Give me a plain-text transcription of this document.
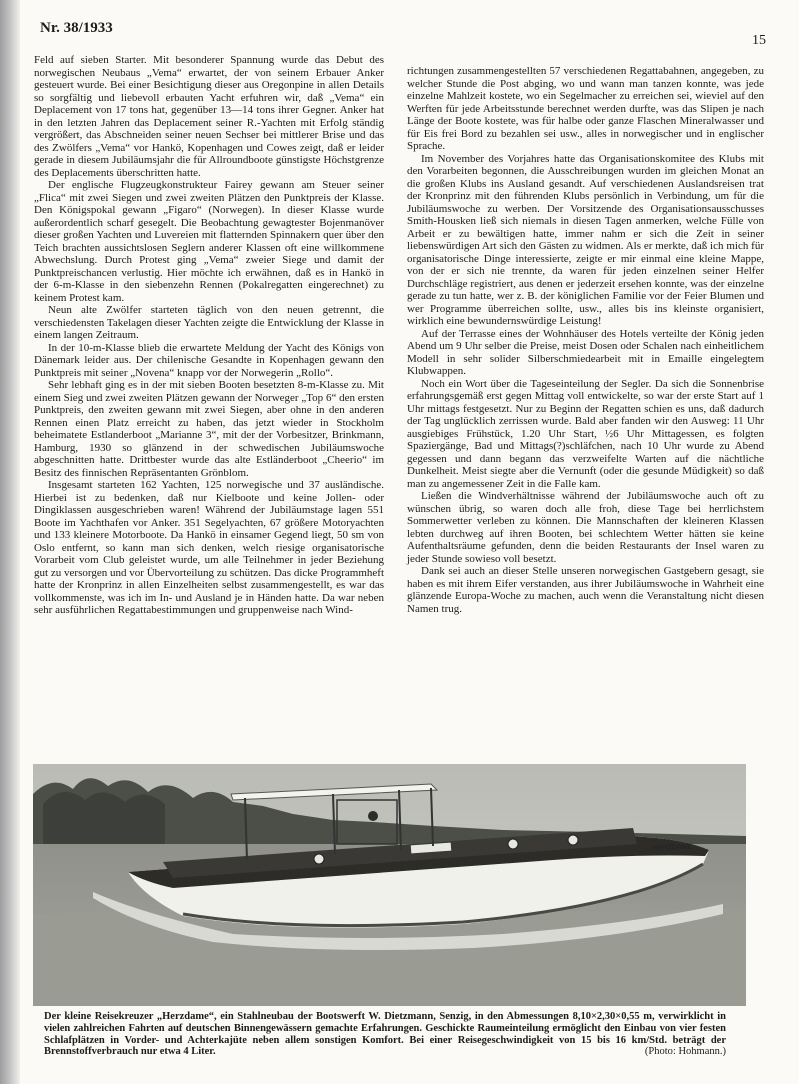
Nr. 38/1933
15

Feld auf sieben Starter. Mit besonderer Spannung wurde das Debut des norwegischen Neubaus „Vema“ erwartet, der von seinem Erbauer Anker gesteuert wurde. Bei einer Besichtigung dieser aus Oregonpine in allen Details so sorgfältig und liebevoll erbauten Yacht erfuhren wir, daß „Vema“ ein Deplacement von 17 tons hat, gegenüber 13—14 tons ihrer Gegner. Anker hat in den letzten Jahren das Deplacement seiner R.-Yachten mit Erfolg ständig vergrößert, das Abschneiden seiner neuen Sechser bei mittlerer Brise und das des Zwölfers „Vema“ vor Hankö, Kopenhagen und Cowes zeigt, daß er leider gerade in diesem Jubiläumsjahr die für Allroundboote günstigste Höchstgrenze des Deplacements überschritten hatte.

Der englische Flugzeugkonstrukteur Fairey gewann am Steuer seiner „Flica“ mit zwei Siegen und zwei zweiten Plätzen den Punktpreis der Klasse. Den Königspokal gewann „Figaro“ (Norwegen). In dieser Klasse wurde außerordentlich scharf gesegelt. Die Beobachtung gewagtester Bojenmanöver dieser großen Yachten und Luvereien mit flatternden Spinnakern quer über den Teich brachten aussichtslosen Seglern anderer Klassen oft eine willkommene Abwechslung. Durch Protest ging „Vema“ zweier Siege und damit der Punktpreischancen verlustig. Hier möchte ich erwähnen, daß es in Hankö in der 6-m-Klasse in den siebenzehn Rennen (Pokalregatten eingerechnet) zu keinem Protest kam.

Neun alte Zwölfer starteten täglich von den neuen getrennt, die verschiedensten Takelagen dieser Yachten zeigte die Entwicklung der Klasse in einem langen Zeitraum.

In der 10-m-Klasse blieb die erwartete Meldung der Yacht des Königs von Dänemark leider aus. Der chilenische Gesandte in Kopenhagen gewann den Punktpreis mit seiner „Novena“ knapp vor der Norwegerin „Rollo“.

Sehr lebhaft ging es in der mit sieben Booten besetzten 8-m-Klasse zu. Mit einem Sieg und zwei zweiten Plätzen gewann der Norweger „Top 6“ den ersten Punktpreis, den zweiten gewann mit zwei Siegen, aber ohne in den anderen Rennen einen Platz erreicht zu haben, das jetzt wieder in Stockholm beheimatete Estlanderboot „Marianne 3“, mit der der Vorbesitzer, Brinkmann, Hamburg, 1930 so glänzend in der schwedischen Jubiläumswoche abgeschnitten hatte. Drittbester wurde das alte Estländerboot „Cheerio“ im Besitz des finnischen Repräsentanten Grönblom.

Insgesamt starteten 162 Yachten, 125 norwegische und 37 ausländische. Hierbei ist zu bedenken, daß nur Kielboote und keine Jollen- oder Dingiklassen ausgeschrieben waren! Während der Jubiläumstage lagen 551 Boote im Yachthafen vor Anker. 351 Segelyachten, 67 größere Motoryachten und 133 kleinere Motorboote. Da Hankö in einsamer Gegend liegt, 50 sm von Oslo entfernt, so kann man sich denken, welch riesige organisatorische Vorarbeit vom Club geleistet wurde, um alle Teilnehmer in jeder Beziehung gut zu versorgen und vor Übervorteilung zu schützen. Das dicke Programmheft hatte der Kronprinz in allen Einzelheiten selbst zusammengestellt, es war das vollkommenste, was ich im In- und Ausland je in Händen hatte. Da war neben sehr ausführlichen Regattabestimmungen und gruppenweise nach Wind-

richtungen zusammengestellten 57 verschiedenen Regattabahnen, angegeben, zu welcher Stunde die Post abging, wo und wann man tanzen konnte, was jede einzelne Mahlzeit kostete, wo ein Segelmacher zu erreichen sei, wieviel auf den Werften für jede Arbeitsstunde berechnet werden durfte, was das Slipen je nach Länge der Boote kostete, was für halbe oder ganze Flaschen Mineralwasser und für Eis frei Bord zu bezahlen sei usw., alles in norwegischer und in englischer Sprache.

Im November des Vorjahres hatte das Organisationskomitee des Klubs mit den Vorarbeiten begonnen, die Ausschreibungen wurden im gleichen Monat an die großen Klubs ins Ausland gesandt. Auf verschiedenen Auslandsreisen trat der Kronprinz mit den führenden Klubs persönlich in Verbindung, um für die Jubiläumswoche zu werben. Der Vorsitzende des Organisationsausschusses Smith-Housken ließ sich niemals in diesen Tagen anmerken, welche Fülle von Arbeit er zu bewältigen hatte, immer nahm er sich die Zeit in seiner liebenswürdigen Art sich den Gästen zu widmen. Als er merkte, daß ich mich für organisatorische Dinge interessierte, zeigte er mir einmal eine kleine Mappe, von der er sich nie trennte, da waren für jeden einzelnen seiner Helfer Durchschläge registriert, aus denen er jederzeit ersehen konnte, was der einzelne gerade zu tun hatte, wer z. B. der königlichen Familie vor der Feier Blumen und wer Programme überreichen sollte, usw., alles bis ins kleinste organisiert, wirklich eine bewundernswürdige Leistung!

Auf der Terrasse eines der Wohnhäuser des Hotels verteilte der König jeden Abend um 9 Uhr selber die Preise, meist Dosen oder Schalen nach einheitlichem Modell in sehr solider Silberschmiedearbeit mit in Emaille eingelegtem Klubwappen.

Noch ein Wort über die Tageseinteilung der Segler. Da sich die Sonnenbrise erfahrungsgemäß erst gegen Mittag voll entwickelte, so war der erste Start auf 1 Uhr mittags festgesetzt. Nur zu Beginn der Regatten schien es uns, daß dadurch der Tag unglücklich zerrissen wurde. Bald aber fanden wir den Ausweg: 11 Uhr ausgiebiges Frühstück, 1.20 Uhr Start, ½6 Uhr Mittagessen, es folgten Spaziergänge, Bad und Mittags(?)schläfchen, nach 10 Uhr wurde zu Abend gegessen und dann begann das verzweifelte Warten auf die nächtliche Dunkelheit. Meist siegte aber die Vernunft (oder die gesunde Müdigkeit) so daß man zu angemessener Zeit in die Falle kam.

Ließen die Windverhältnisse während der Jubiläumswoche auch oft zu wünschen übrig, so waren doch alle froh, diese Tage bei herrlichstem Sommerwetter verleben zu können. Die Mannschaften der kleineren Klassen lebten durchweg auf ihren Booten, bei schlechtem Wetter hätten sie keine Aufenthaltsräume gefunden, denn die beiden Restaurants der Insel waren zu jeder Stunde sowieso voll besetzt.

Dank sei auch an dieser Stelle unseren norwegischen Gastgebern gesagt, sie haben es mit ihrem Eifer verstanden, aus ihrer Jubiläumswoche in Wahrheit eine glänzende Europa-Woche zu machen, auch wenn die Veranstaltung nicht diesen Namen trug.

HERZDAME
Der kleine Reisekreuzer „Herzdame“, ein Stahlneubau der Bootswerft W. Dietzmann, Senzig, in den Abmessungen 8,10×2,30×0,55 m, verwirklicht in vielen zahlreichen Fahrten auf deutschen Binnengewässern gemachte Erfahrungen. Geschickte Raumeinteilung ermöglicht den Einbau von vier festen Schlafplätzen in Vorder- und Achterkajüte neben allem sonstigen Komfort. Bei einer Reisegeschwindigkeit von 15 bis 16 km/Std. beträgt der Brennstoffverbrauch nur etwa 4 Liter.	(Photo: Hohmann.)
